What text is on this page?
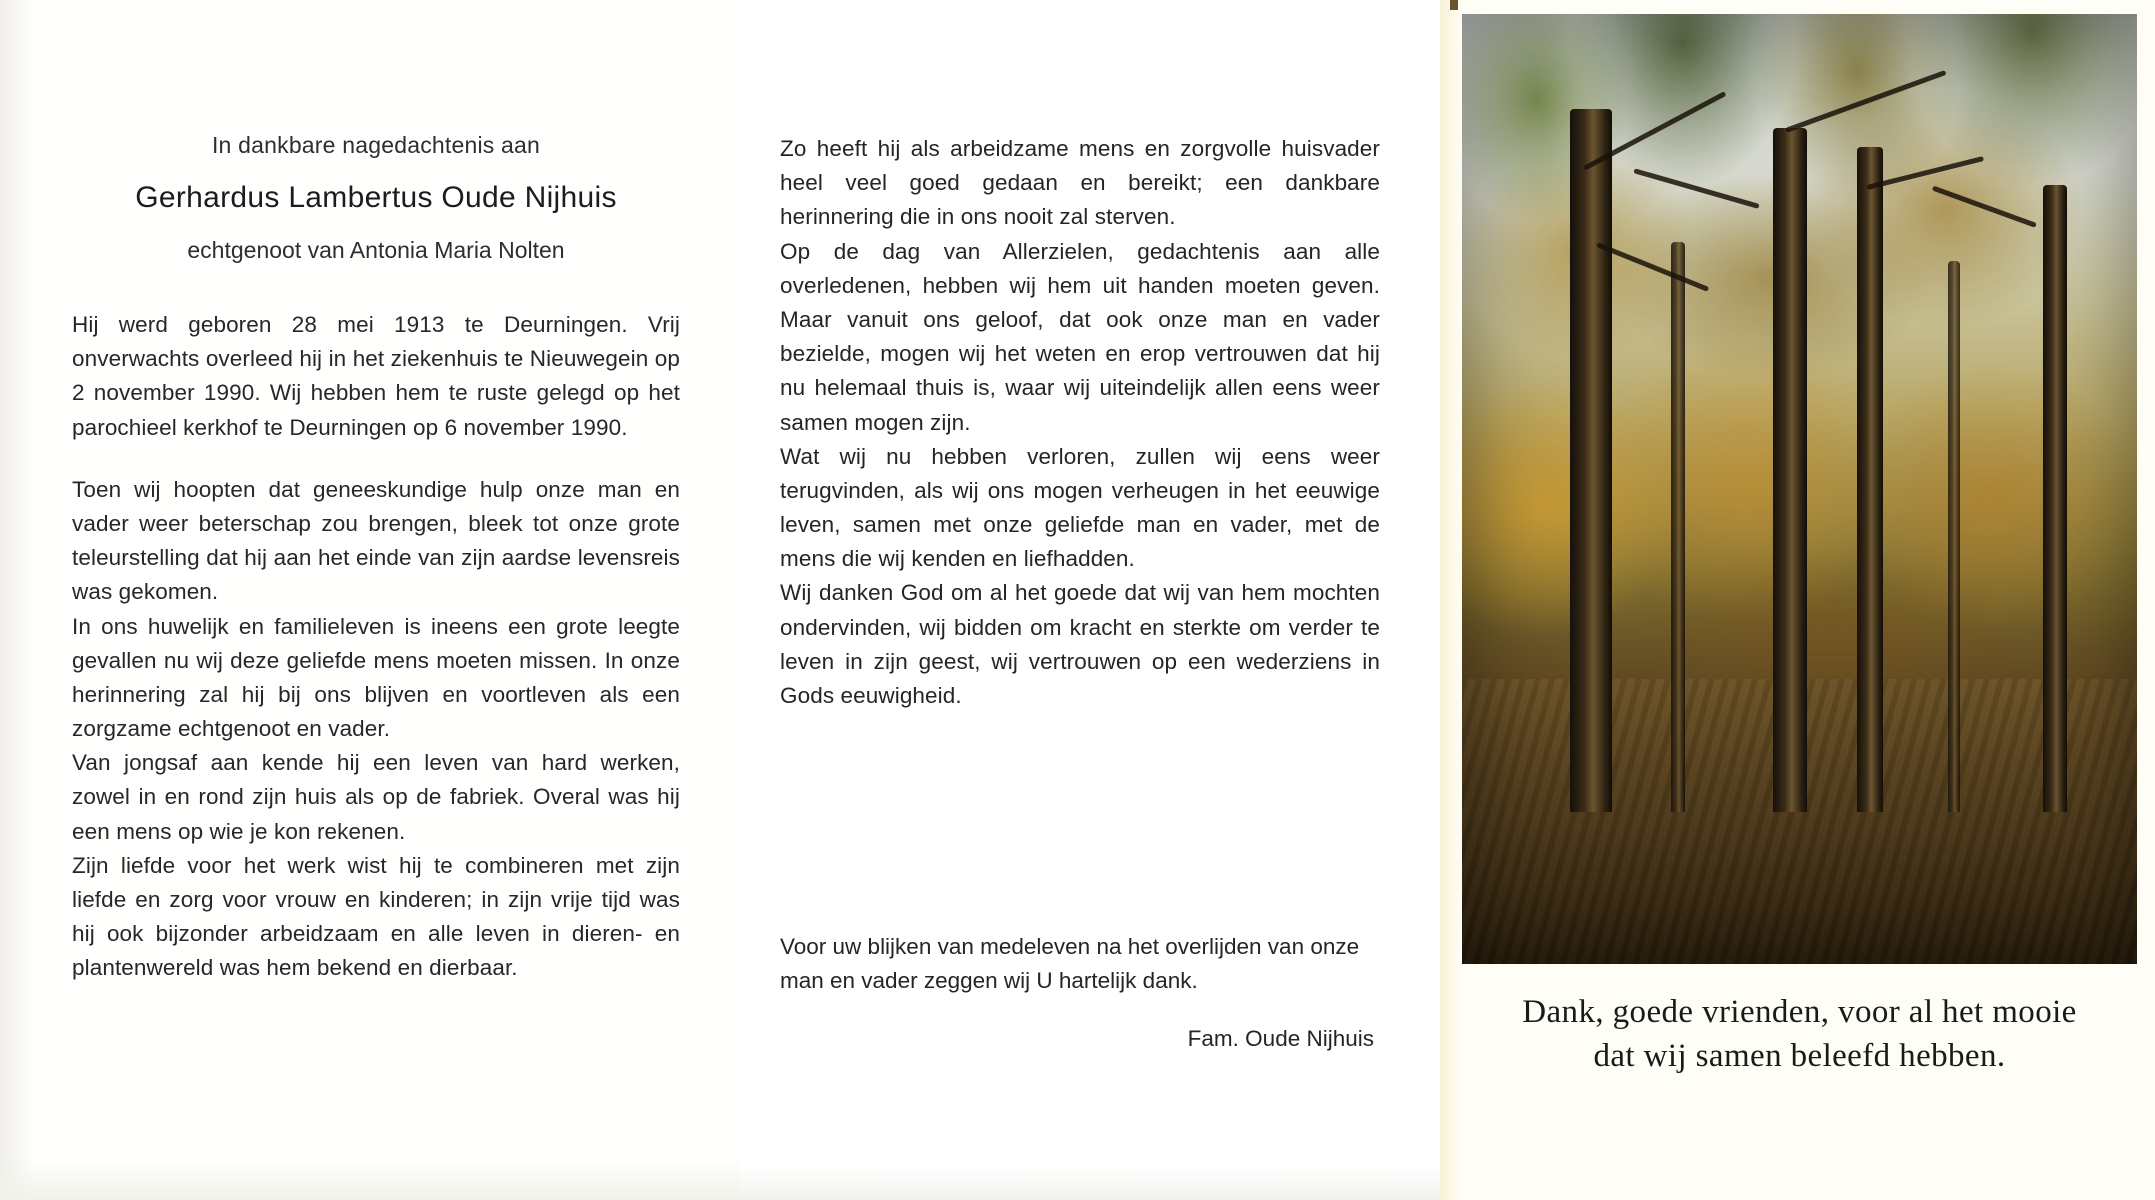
In dankbare nagedachtenis aan
Gerhardus Lambertus Oude Nijhuis
echtgenoot van Antonia Maria Nolten

Hij werd geboren 28 mei 1913 te Deurningen. Vrij onverwachts overleed hij in het ziekenhuis te Nieuwegein op 2 november 1990. Wij hebben hem te ruste gelegd op het parochieel kerkhof te Deurningen op 6 november 1990.

Toen wij hoopten dat geneeskundige hulp onze man en vader weer beterschap zou brengen, bleek tot onze grote teleurstelling dat hij aan het einde van zijn aardse levensreis was gekomen.

In ons huwelijk en familieleven is ineens een grote leegte gevallen nu wij deze geliefde mens moeten missen. In onze herinnering zal hij bij ons blijven en voortleven als een zorgzame echtgenoot en vader.

Van jongsaf aan kende hij een leven van hard werken, zowel in en rond zijn huis als op de fabriek. Overal was hij een mens op wie je kon rekenen.

Zijn liefde voor het werk wist hij te combineren met zijn liefde en zorg voor vrouw en kinderen; in zijn vrije tijd was hij ook bijzonder arbeidzaam en alle leven in dieren- en plantenwereld was hem bekend en dierbaar.

Zo heeft hij als arbeidzame mens en zorgvolle huisvader heel veel goed gedaan en bereikt; een dankbare herinnering die in ons nooit zal sterven.

Op de dag van Allerzielen, gedachtenis aan alle overledenen, hebben wij hem uit handen moeten geven. Maar vanuit ons geloof, dat ook onze man en vader bezielde, mogen wij het weten en erop vertrouwen dat hij nu helemaal thuis is, waar wij uiteindelijk allen eens weer samen mogen zijn.

Wat wij nu hebben verloren, zullen wij eens weer terugvinden, als wij ons mogen verheugen in het eeuwige leven, samen met onze geliefde man en vader, met de mens die wij kenden en liefhadden.

Wij danken God om al het goede dat wij van hem mochten ondervinden, wij bidden om kracht en sterkte om verder te leven in zijn geest, wij vertrouwen op een wederziens in Gods eeuwigheid.

Voor uw blijken van medeleven na het overlijden van onze man en vader zeggen wij U hartelijk dank.

Fam. Oude Nijhuis
Dank, goede vrienden, voor al het mooie
dat wij samen beleefd hebben.
